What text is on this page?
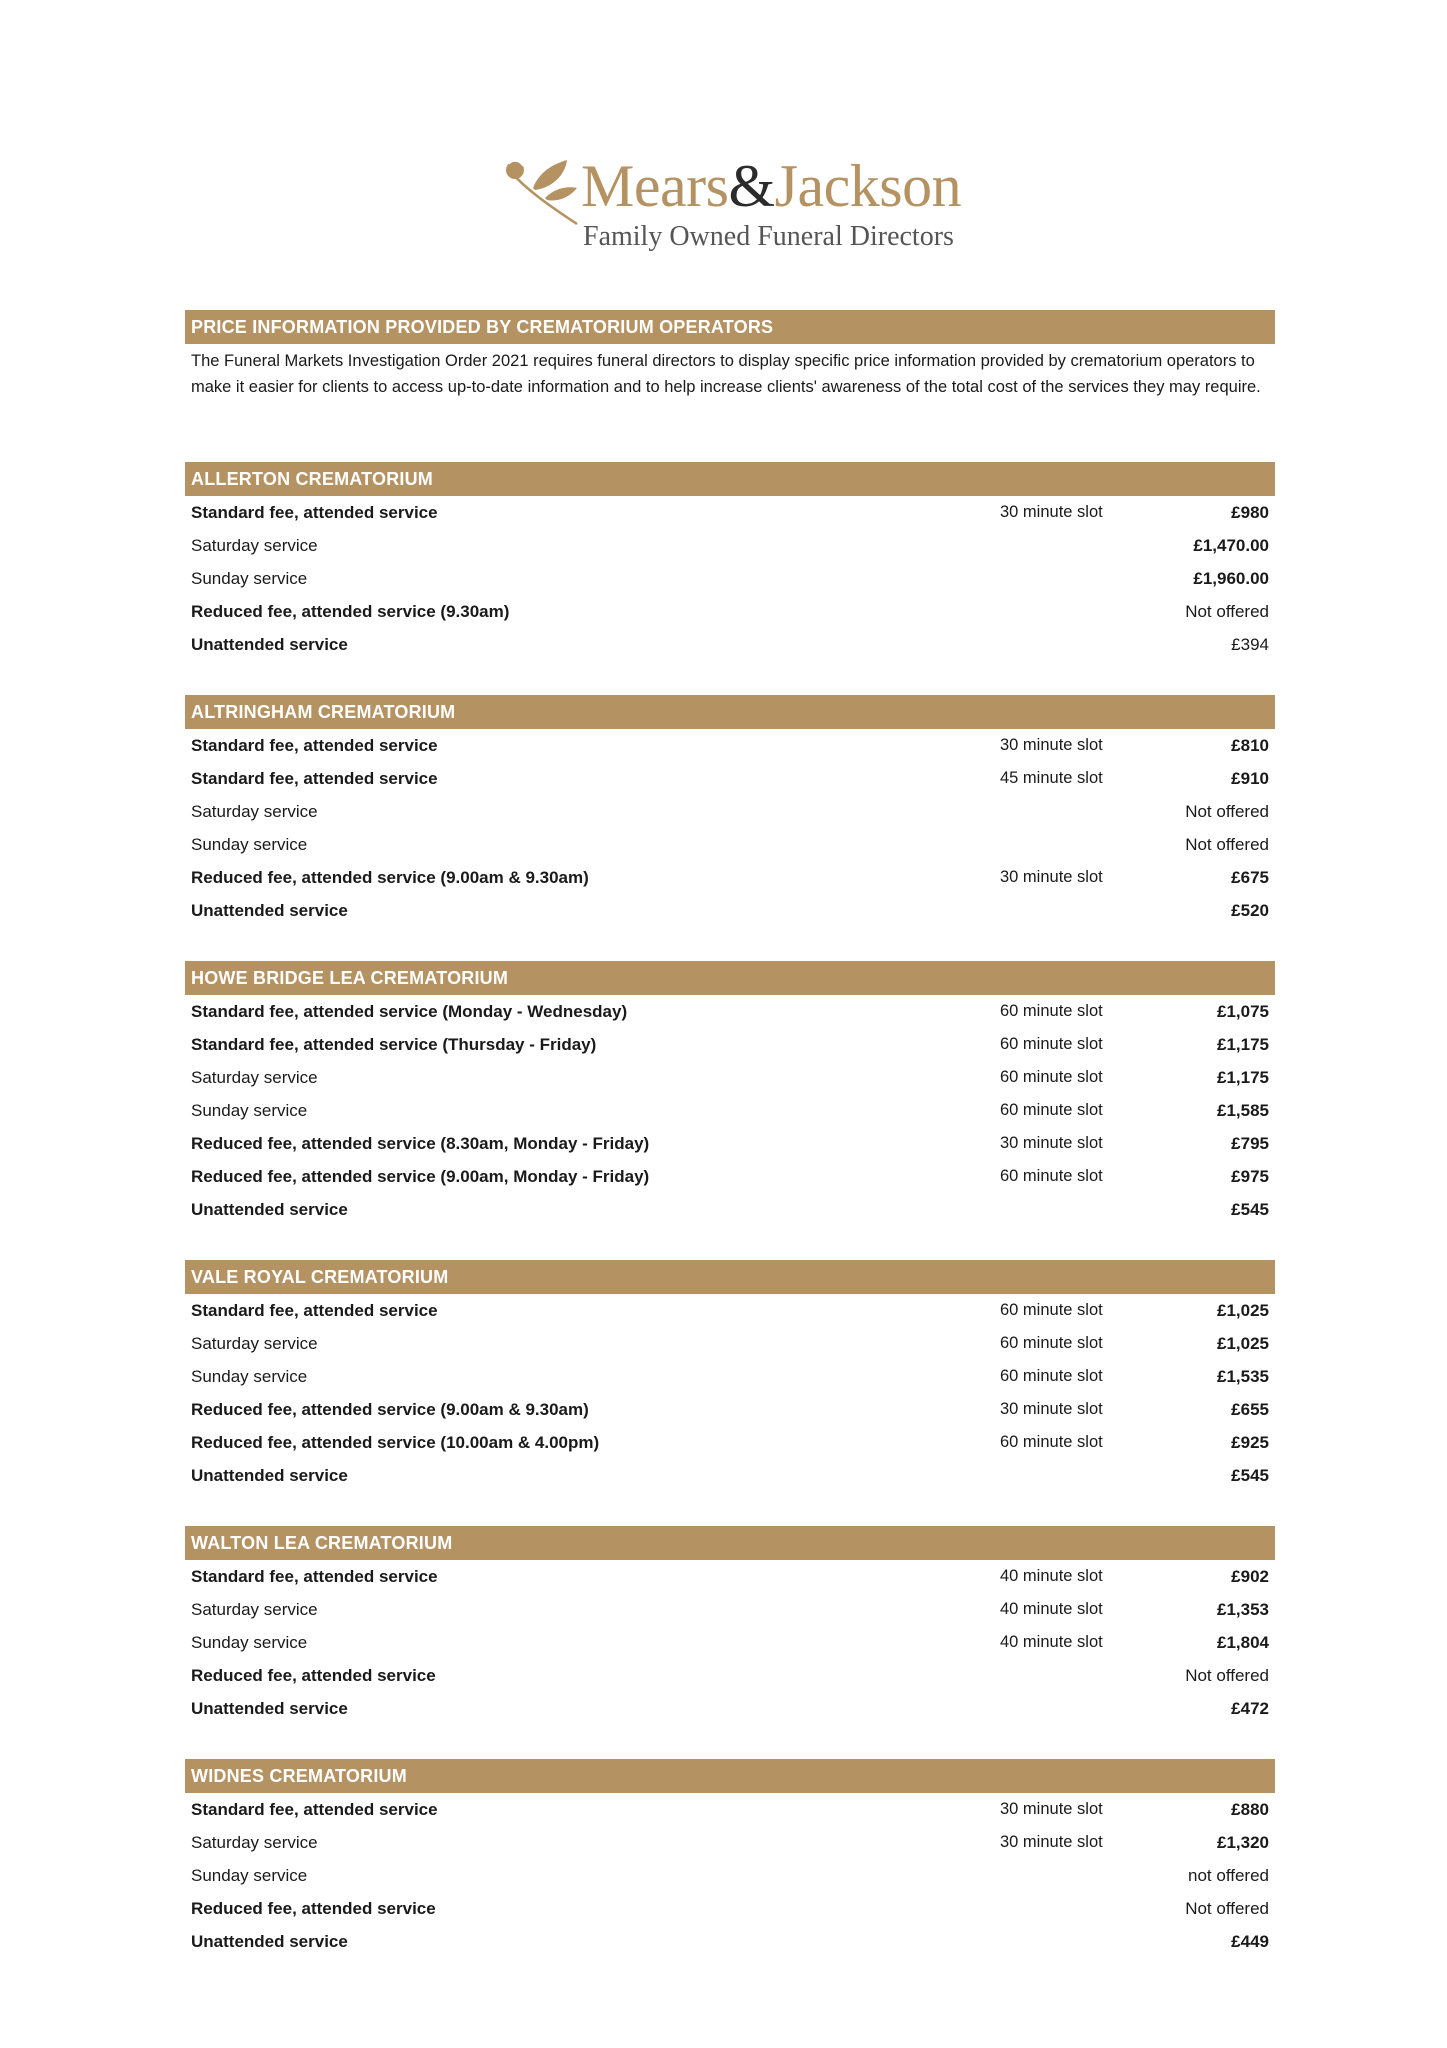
Mears&Jackson
Family Owned Funeral Directors
PRICE INFORMATION PROVIDED BY CREMATORIUM OPERATORS
The Funeral Markets Investigation Order 2021 requires funeral directors to display specific price information provided by crematorium operators to make it easier for clients to access up-to-date information and to help increase clients' awareness of the total cost of the services they may require.
ALLERTON CREMATORIUM
Standard fee, attended service	30 minute slot	£980
Saturday service	£1,470.00
Sunday service	£1,960.00
Reduced fee, attended service (9.30am)	Not offered
Unattended service	£394
ALTRINGHAM CREMATORIUM
Standard fee, attended service	30 minute slot	£810
Standard fee, attended service	45 minute slot	£910
Saturday service	Not offered
Sunday service	Not offered
Reduced fee, attended service (9.00am & 9.30am)	30 minute slot	£675
Unattended service	£520
HOWE BRIDGE LEA CREMATORIUM
Standard fee, attended service (Monday - Wednesday)	60 minute slot	£1,075
Standard fee, attended service (Thursday - Friday)	60 minute slot	£1,175
Saturday service	60 minute slot	£1,175
Sunday service	60 minute slot	£1,585
Reduced fee, attended service (8.30am, Monday - Friday)	30 minute slot	£795
Reduced fee, attended service (9.00am, Monday - Friday)	60 minute slot	£975
Unattended service	£545
VALE ROYAL CREMATORIUM
Standard fee, attended service	60 minute slot	£1,025
Saturday service	60 minute slot	£1,025
Sunday service	60 minute slot	£1,535
Reduced fee, attended service (9.00am & 9.30am)	30 minute slot	£655
Reduced fee, attended service (10.00am & 4.00pm)	60 minute slot	£925
Unattended service	£545
WALTON LEA CREMATORIUM
Standard fee, attended service	40 minute slot	£902
Saturday service	40 minute slot	£1,353
Sunday service	40 minute slot	£1,804
Reduced fee, attended service	Not offered
Unattended service	£472
WIDNES CREMATORIUM
Standard fee, attended service	30 minute slot	£880
Saturday service	30 minute slot	£1,320
Sunday service	not offered
Reduced fee, attended service	Not offered
Unattended service	£449
